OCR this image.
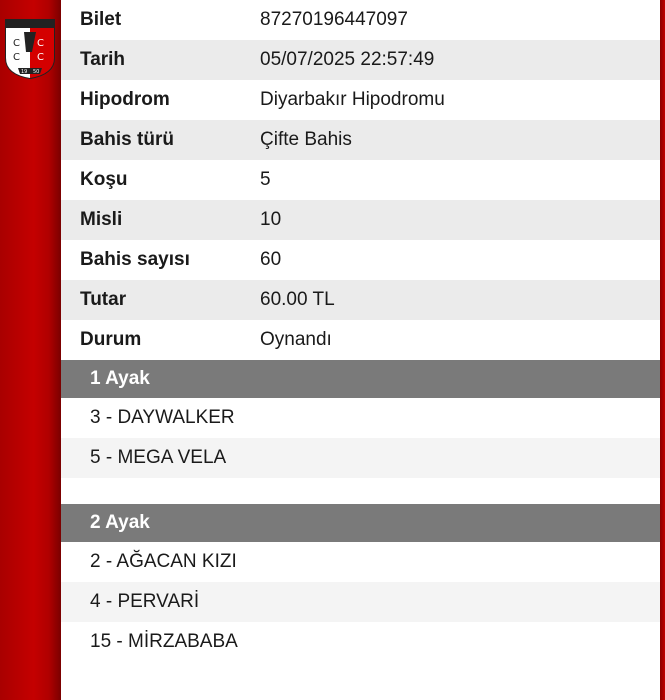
C
C
C
C
19 50
Bilet	87270196447097
Tarih	05/07/2025 22:57:49
Hipodrom	Diyarbakır Hipodromu
Bahis türü	Çifte Bahis
Koşu	5
Misli	10
Bahis sayısı	60
Tutar	60.00 TL
Durum	Oynandı
1 Ayak
3 - DAYWALKER
5 - MEGA VELA
2 Ayak
2 - AĞACAN KIZI
4 - PERVARİ
15 - MİRZABABA
